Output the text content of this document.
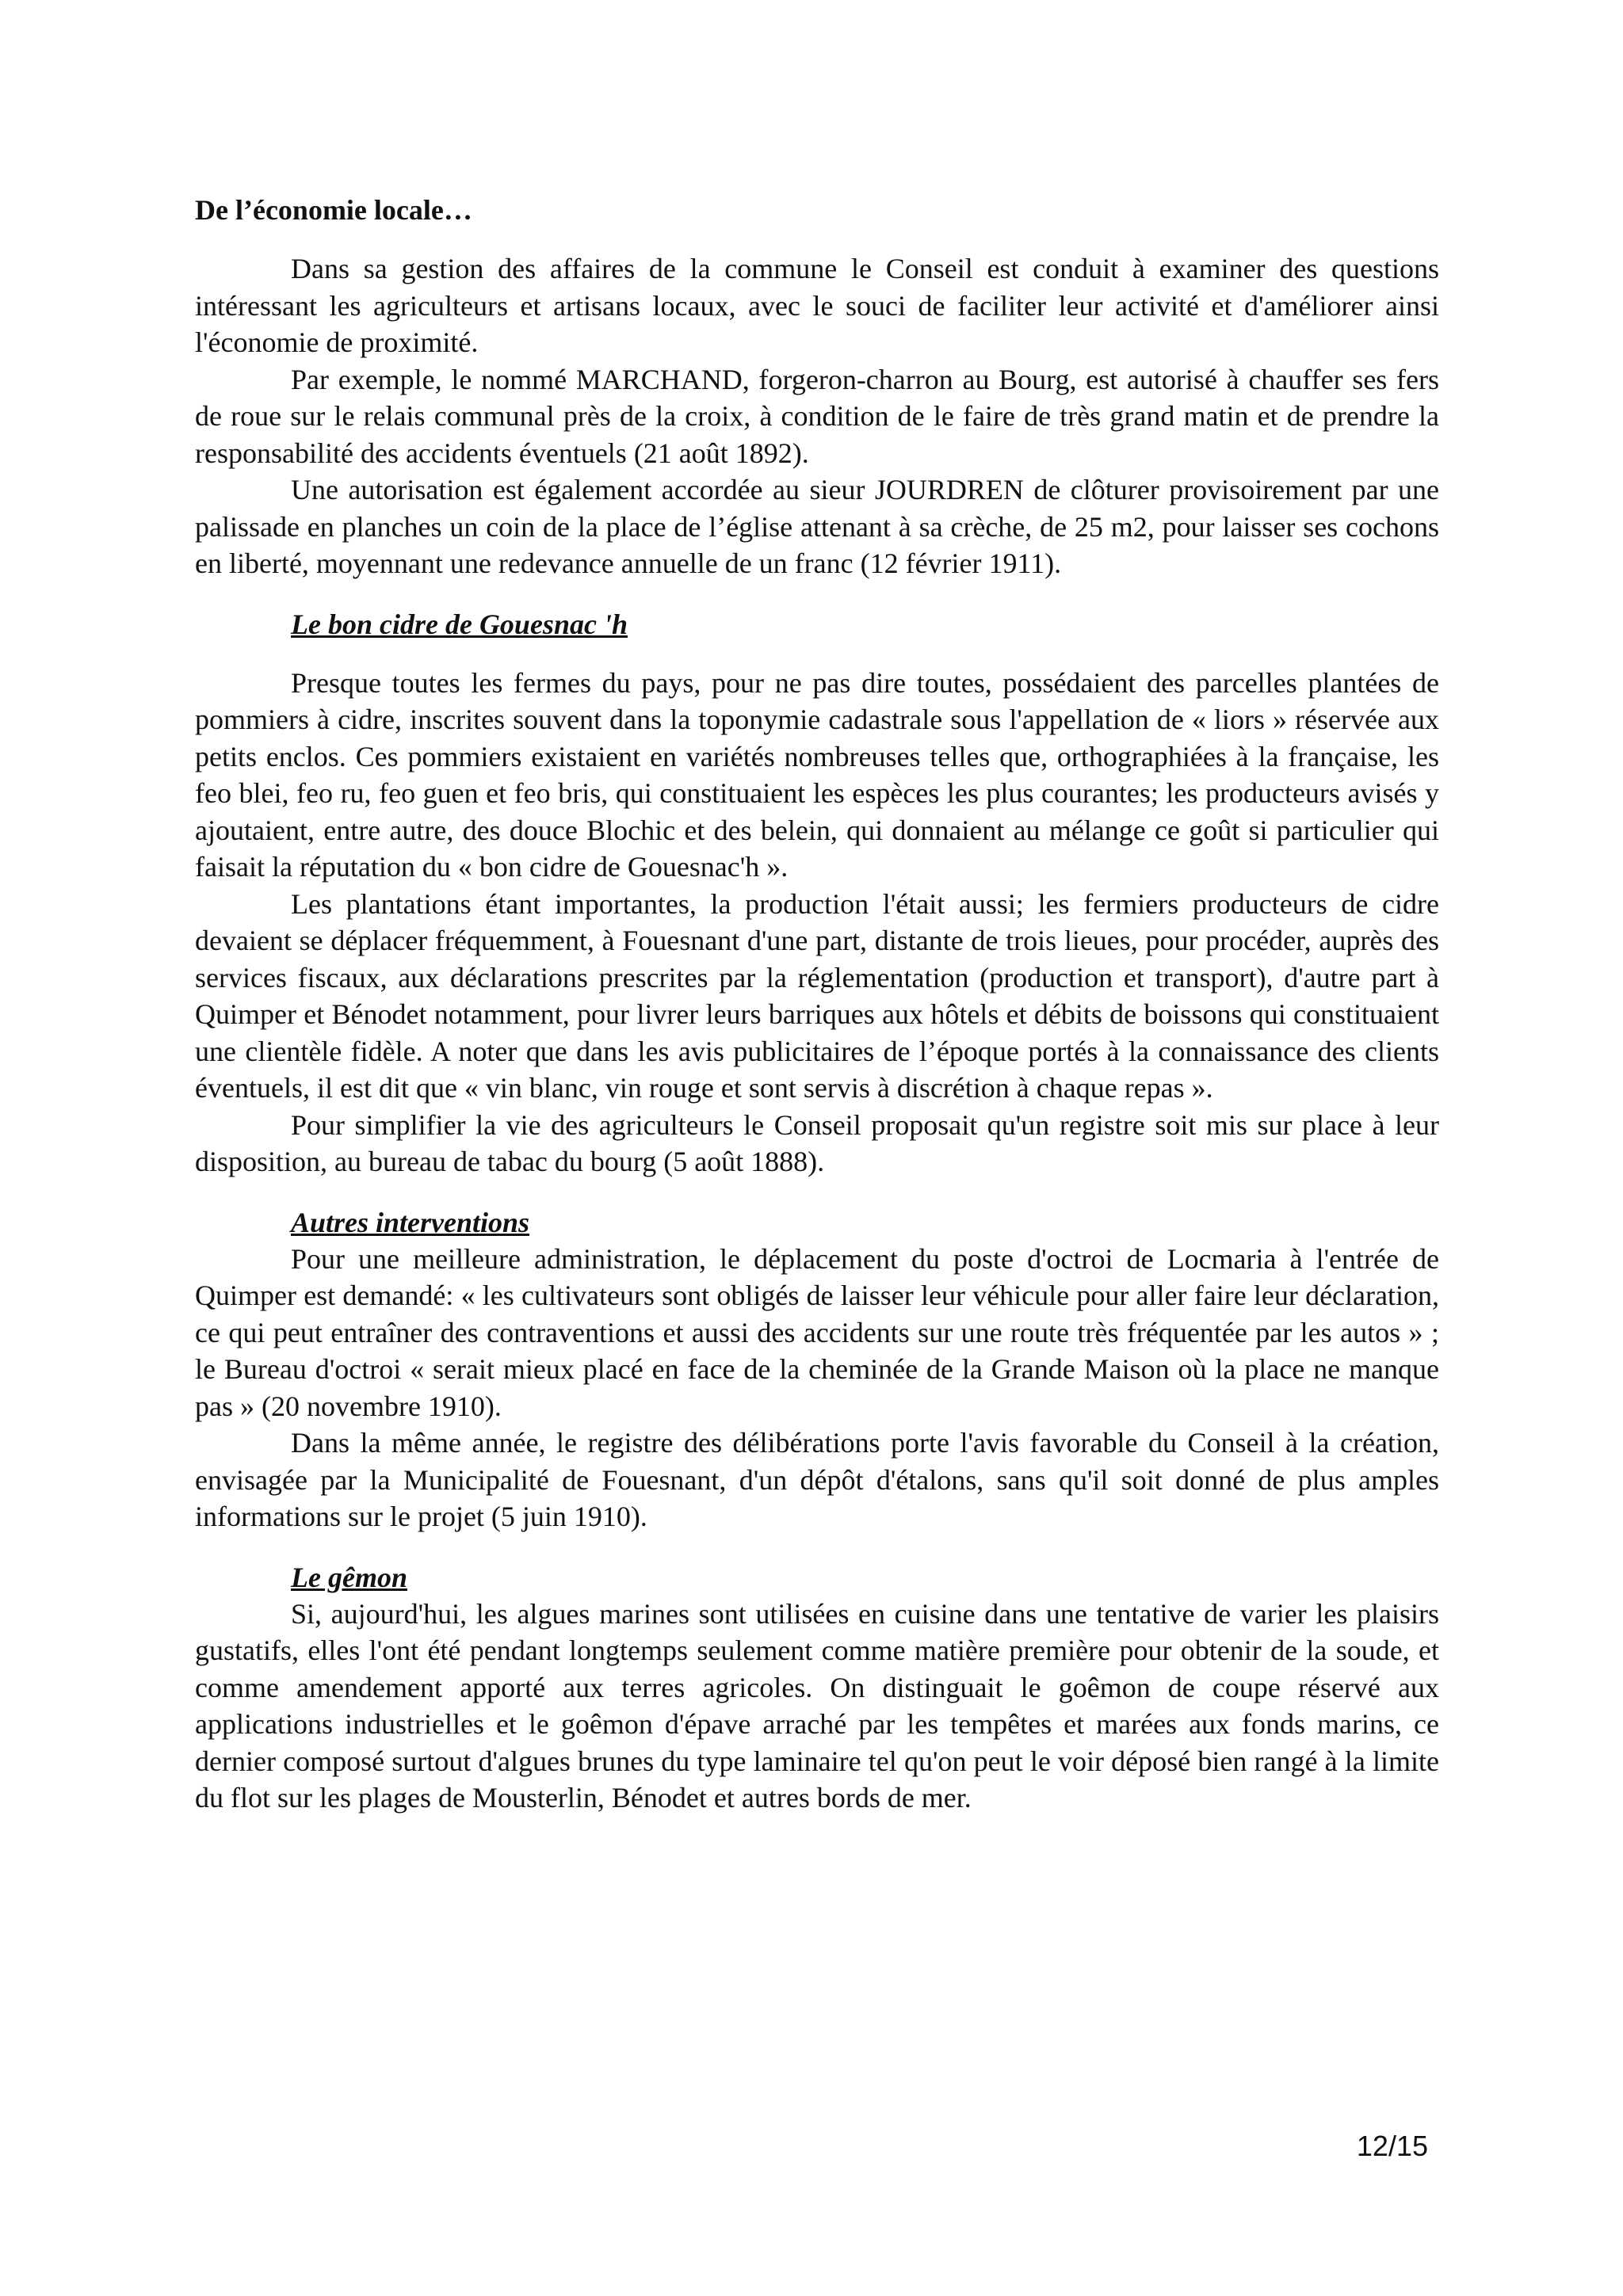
De l’économie locale…

Dans sa gestion des affaires de la commune le Conseil est conduit à examiner des questions intéressant les agriculteurs et artisans locaux, avec le souci de faciliter leur activité et d'améliorer ainsi l'économie de proximité.

Par exemple, le nommé MARCHAND, forgeron-charron au Bourg, est autorisé à chauffer ses fers de roue sur le relais communal près de la croix, à condition de le faire de très grand matin et de prendre la responsabilité des accidents éventuels (21 août 1892).

Une autorisation est également accordée au sieur JOURDREN de clôturer provisoirement par une palissade en planches un coin de la place de l’église attenant à sa crèche, de 25 m2, pour laisser ses cochons en liberté, moyennant une redevance annuelle de un franc (12 février 1911).

Le bon cidre de Gouesnac 'h

Presque toutes les fermes du pays, pour ne pas dire toutes, possédaient des parcelles plantées de pommiers à cidre, inscrites souvent dans la toponymie cadastrale sous l'appellation de « liors » réservée aux petits enclos. Ces pommiers existaient en variétés nombreuses telles que, orthographiées à la française, les feo blei, feo ru, feo guen et feo bris, qui constituaient les espèces les plus courantes; les producteurs avisés y ajoutaient, entre autre, des douce Blochic et des belein, qui donnaient au mélange ce goût si particulier qui faisait la réputation du « bon cidre de Gouesnac'h ».

Les plantations étant importantes, la production l'était aussi; les fermiers producteurs de cidre devaient se déplacer fréquemment, à Fouesnant d'une part, distante de trois lieues, pour procéder, auprès des services fiscaux, aux déclarations prescrites par la réglementation (production et transport), d'autre part à Quimper et Bénodet notamment, pour livrer leurs barriques aux hôtels et débits de boissons qui constituaient une clientèle fidèle. A noter que dans les avis publicitaires de l’époque portés à la connaissance des clients éventuels, il est dit que « vin blanc, vin rouge et sont servis à discrétion à chaque repas ».

Pour simplifier la vie des agriculteurs le Conseil proposait qu'un registre soit mis sur place à leur disposition, au bureau de tabac du bourg (5 août 1888).

Autres interventions

Pour une meilleure administration, le déplacement du poste d'octroi de Locmaria à l'entrée de Quimper est demandé: « les cultivateurs sont obligés de laisser leur véhicule pour aller faire leur déclaration, ce qui peut entraîner des contraventions et aussi des accidents sur une route très fréquentée par les autos » ; le Bureau d'octroi « serait mieux placé en face de la cheminée de la Grande Maison où la place ne manque pas » (20 novembre 1910).

Dans la même année, le registre des délibérations porte l'avis favorable du Conseil à la création, envisagée par la Municipalité de Fouesnant, d'un dépôt d'étalons, sans qu'il soit donné de plus amples informations sur le projet (5 juin 1910).

Le gêmon

Si, aujourd'hui, les algues marines sont utilisées en cuisine dans une tentative de varier les plaisirs gustatifs, elles l'ont été pendant longtemps seulement comme matière première pour obtenir de la soude, et comme amendement apporté aux terres agricoles. On distinguait le goêmon de coupe réservé aux applications industrielles et le goêmon d'épave arraché par les tempêtes et marées aux fonds marins, ce dernier composé surtout d'algues brunes du type laminaire tel qu'on peut le voir déposé bien rangé à la limite du flot sur les plages de Mousterlin, Bénodet et autres bords de mer.

12/15
